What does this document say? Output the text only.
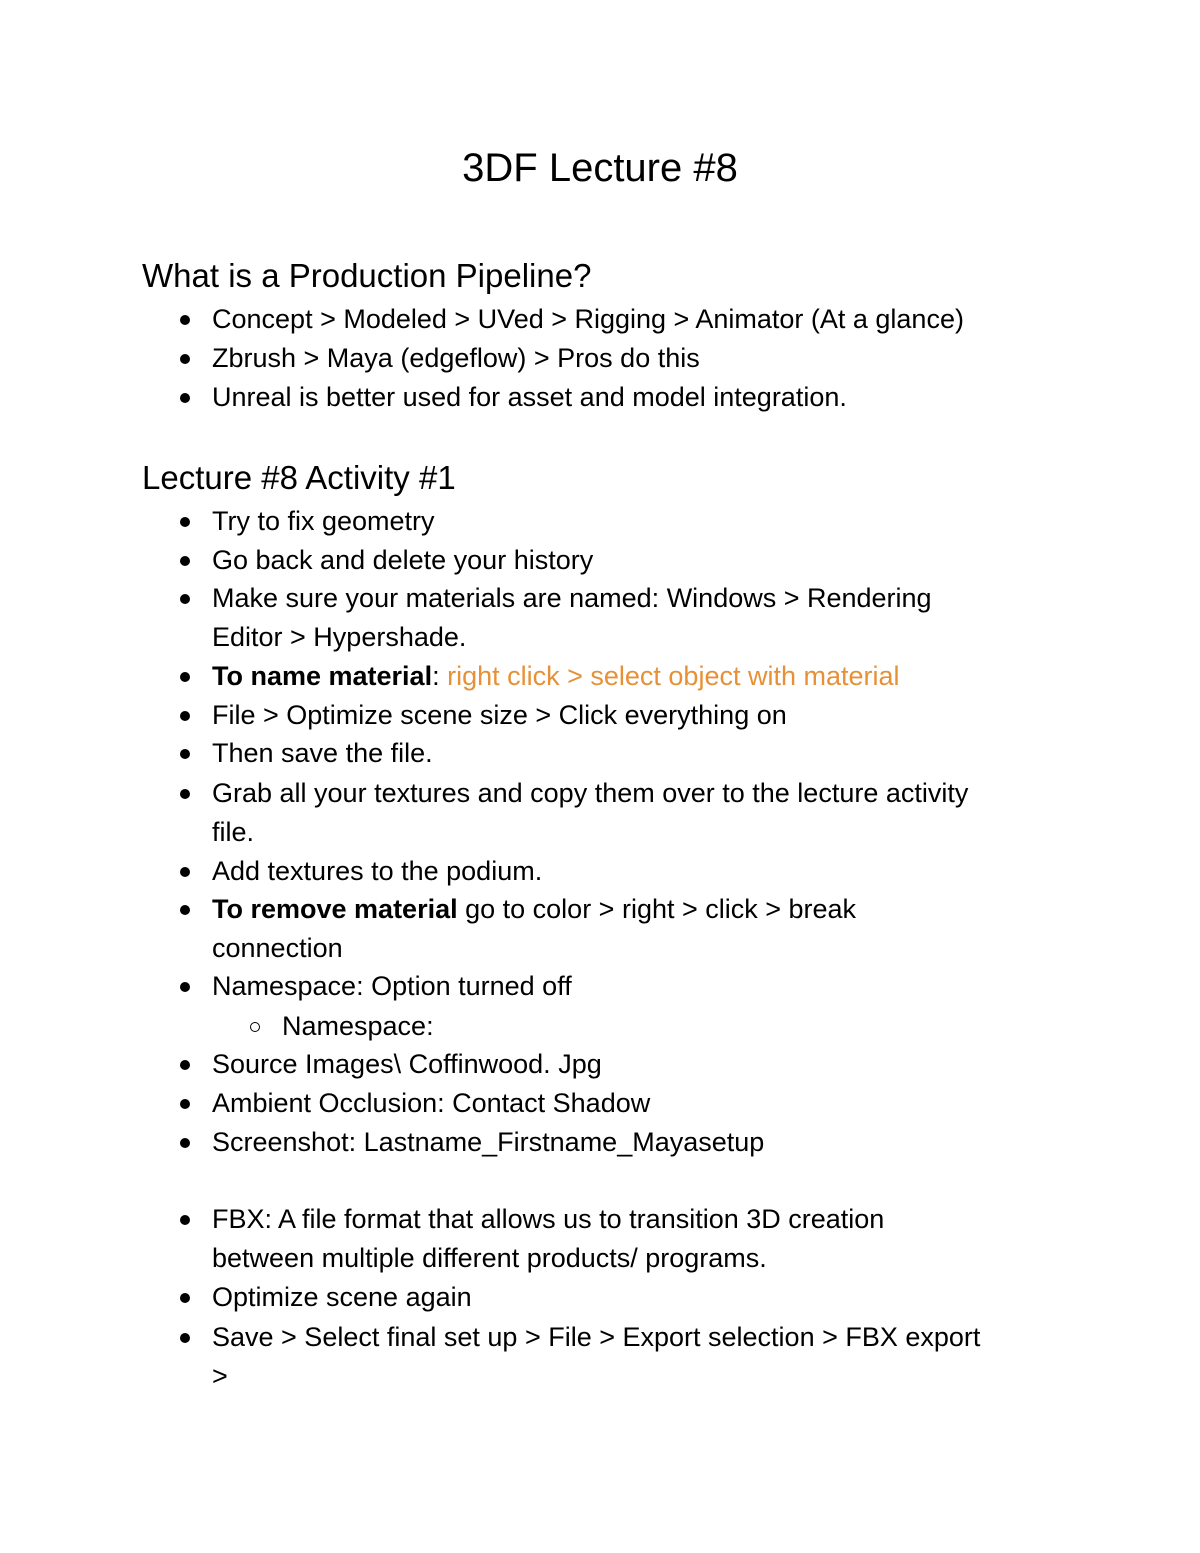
3DF Lecture #8
What is a Production Pipeline?
Concept > Modeled > UVed > Rigging > Animator (At a glance)
Zbrush > Maya (edgeflow) > Pros do this
Unreal is better used for asset and model integration.
Lecture #8 Activity #1
Try to fix geometry
Go back and delete your history
Make sure your materials are named: Windows > Rendering
Editor > Hypershade.
To name material: right click > select object with material
File > Optimize scene size > Click everything on
Then save the file.
Grab all your textures and copy them over to the lecture activity
file.
Add textures to the podium.
To remove material go to color > right > click > break
connection
Namespace: Option turned off
Namespace:
Source Images\ Coffinwood. Jpg
Ambient Occlusion: Contact Shadow
Screenshot: Lastname_Firstname_Mayasetup
FBX: A file format that allows us to transition 3D creation
between multiple different products/ programs.
Optimize scene again
Save > Select final set up > File > Export selection > FBX export
>
